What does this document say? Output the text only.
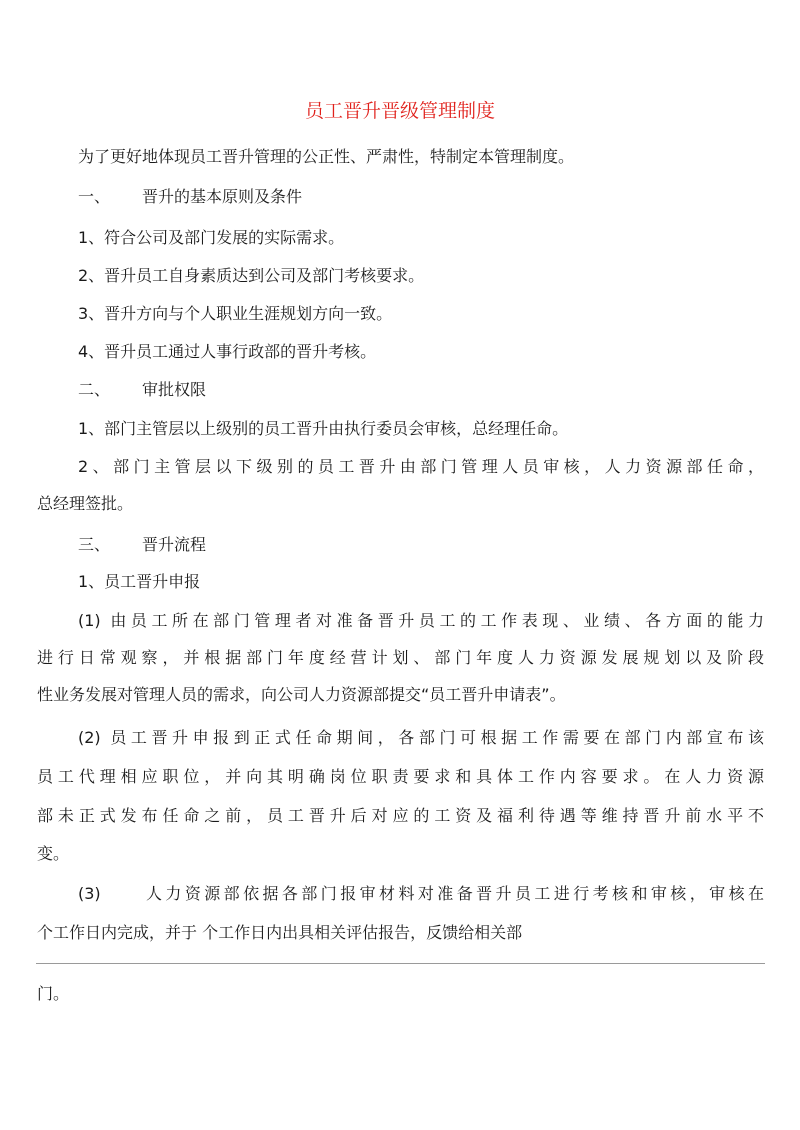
员工晋升晋级管理制度
为了更好地体现员工晋升管理的公正性、严肃性，特制定本管理制度。
一、 晋升的基本原则及条件
1、符合公司及部门发展的实际需求。
2、晋升员工自身素质达到公司及部门考核要求。
3、晋升方向与个人职业生涯规划方向一致。
4、晋升员工通过人事行政部的晋升考核。
二、 审批权限
1、部门主管层以上级别的员工晋升由执行委员会审核，总经理任命。
2、部门主管层以下级别的员工晋升由部门管理人员审核，人力资源部任命，
总经理签批。
三、 晋升流程
1、员工晋升申报
(1) 由员工所在部门管理者对准备晋升员工的工作表现、业绩、各方面的能力
进行日常观察，并根据部门年度经营计划、部门年度人力资源发展规划以及阶段
性业务发展对管理人员的需求，向公司人力资源部提交“员工晋升申请表”。
(2) 员工晋升申报到正式任命期间，各部门可根据工作需要在部门内部宣布该
员工代理相应职位，并向其明确岗位职责要求和具体工作内容要求。在人力资源
部未正式发布任命之前，员工晋升后对应的工资及福利待遇等维持晋升前水平不
变。
(3)	人力资源部依据各部门报审材料对准备晋升员工进行考核和审核，审核在
个工作日内完成，并于 个工作日内出具相关评估报告，反馈给相关部
门。
